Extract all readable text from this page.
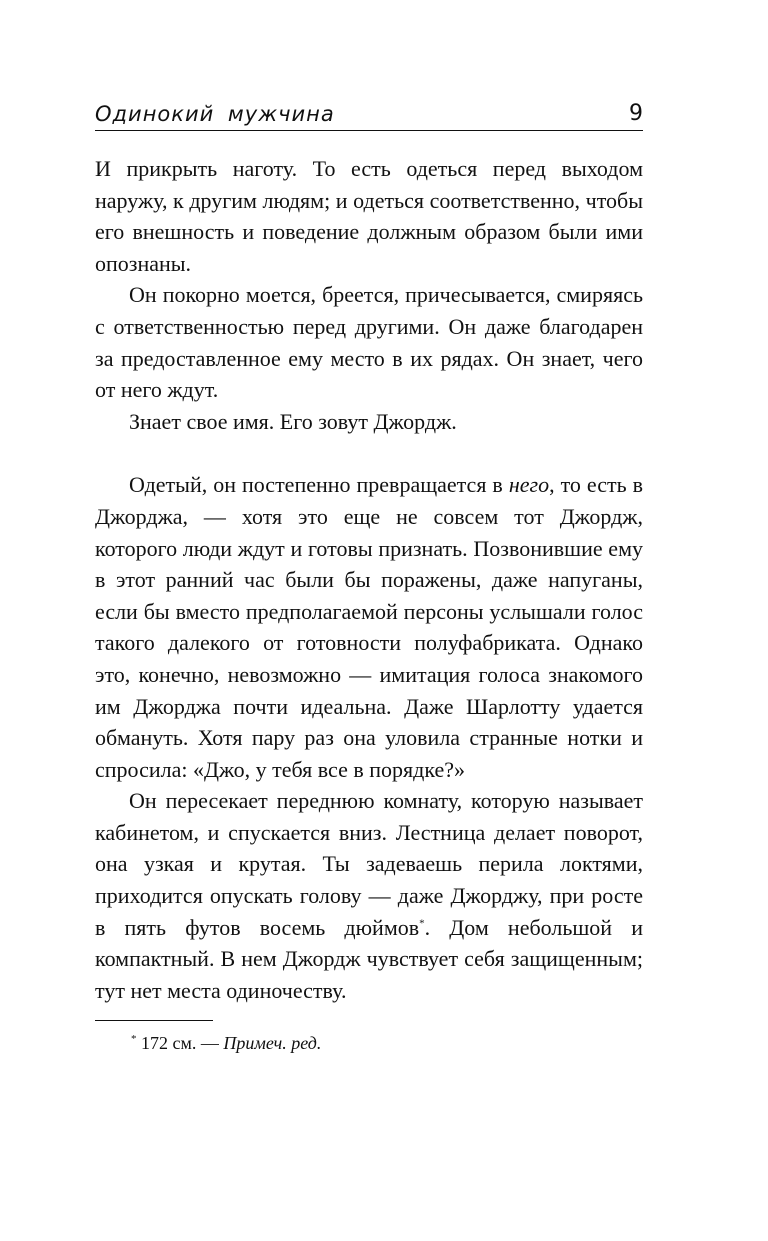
Одинокий мужчина	9

И прикрыть наготу. То есть одеться перед выходом наружу, к другим людям; и одеться соответственно, чтобы его внешность и поведение должным образом были ими опознаны.

Он покорно моется, бреется, причесывается, смиряясь с ответственностью перед другими. Он даже благодарен за предоставленное ему место в их рядах. Он знает, чего от него ждут.

Знает свое имя. Его зовут Джордж.

Одетый, он постепенно превращается в него, то есть в Джорджа, — хотя это еще не совсем тот Джордж, которого люди ждут и готовы признать. Позвонившие ему в этот ранний час были бы поражены, даже напуганы, если бы вместо предполагаемой персоны услышали голос такого далекого от готовности полуфабриката. Однако это, конечно, невозможно — имитация голоса знакомого им Джорджа почти идеальна. Даже Шарлотту удается обмануть. Хотя пару раз она уловила странные нотки и спросила: «Джо, у тебя все в порядке?»

Он пересекает переднюю комнату, которую называет кабинетом, и спускается вниз. Лестница делает поворот, она узкая и крутая. Ты задеваешь перила локтями, приходится опускать голову — даже Джорджу, при росте в пять футов восемь дюймов*. Дом небольшой и компактный. В нем Джордж чувствует себя защищенным; тут нет места одиночеству.

* 172 см. — Примеч. ред.
